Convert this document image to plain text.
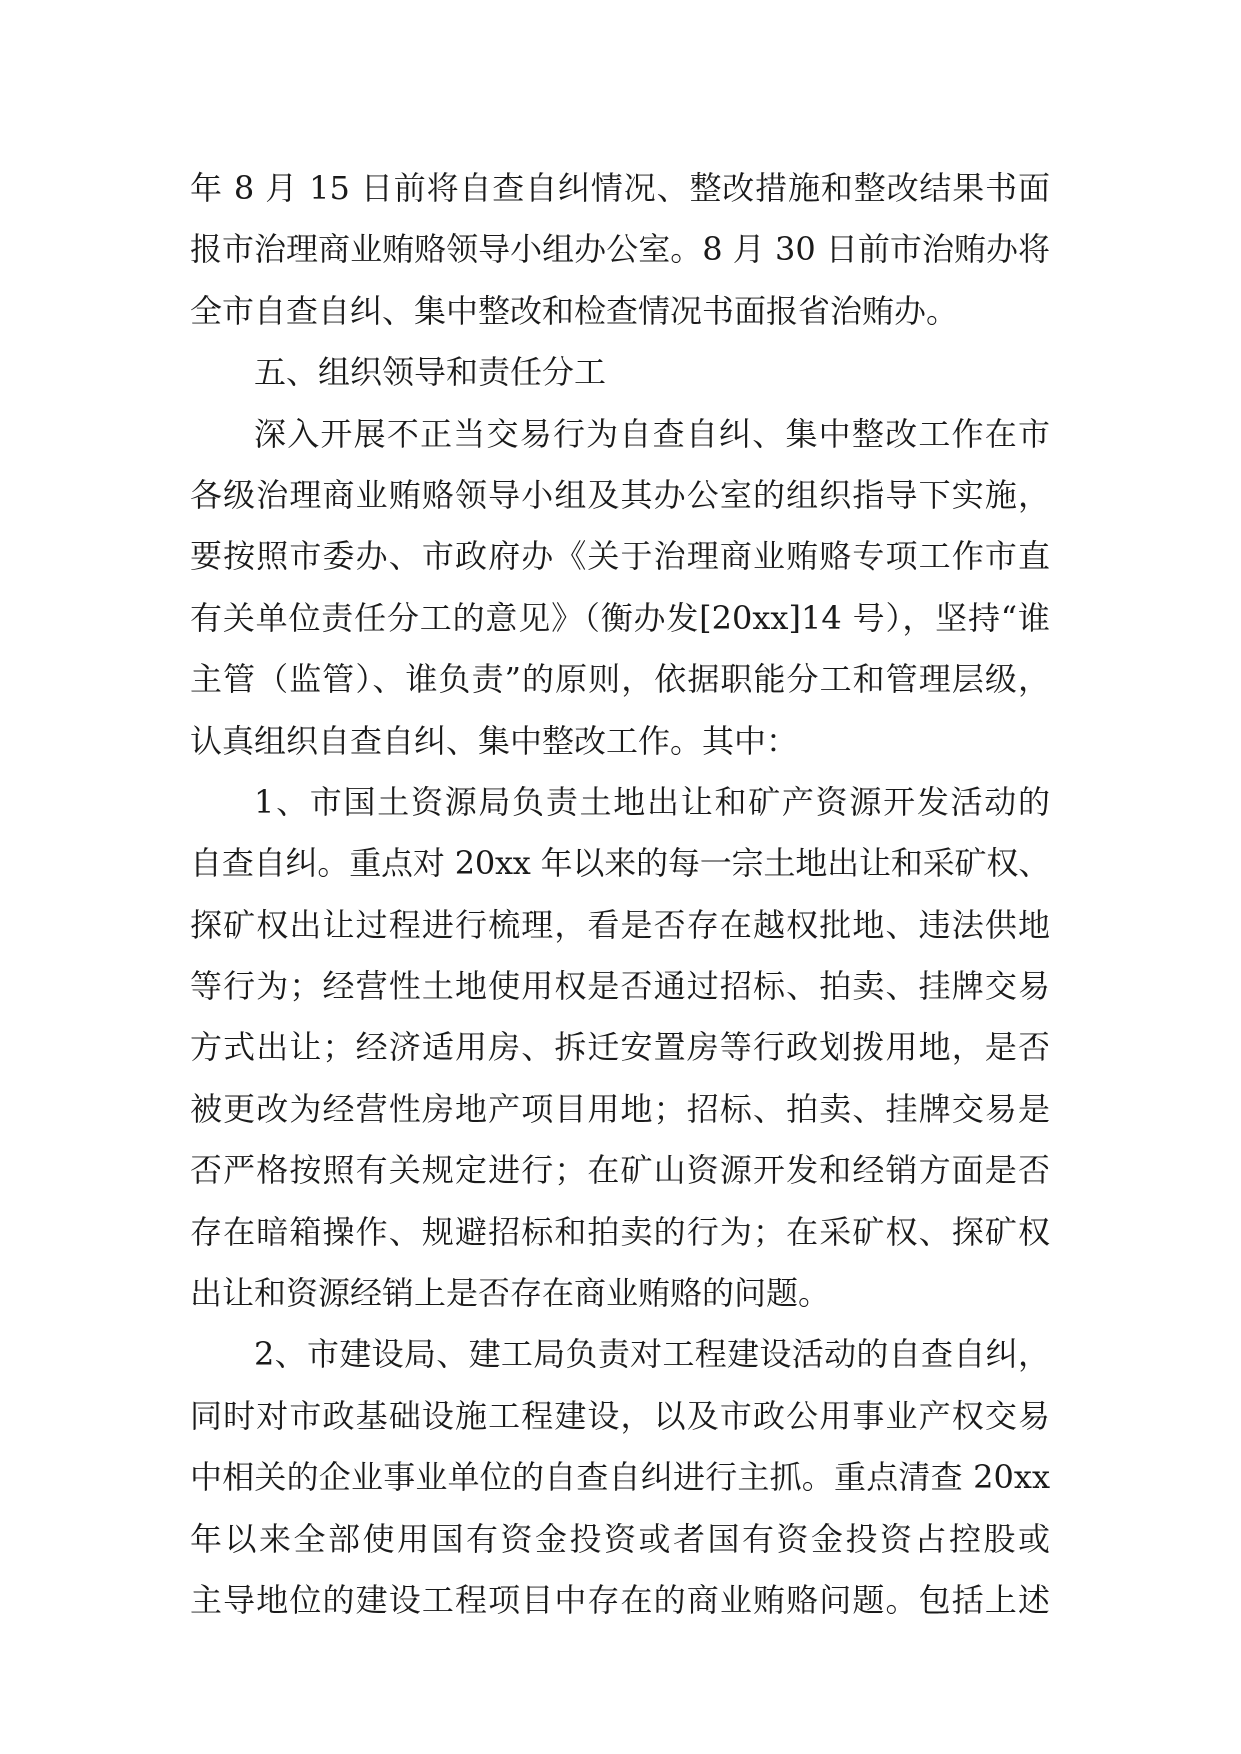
年 8 月 15 日前将自查自纠情况、整改措施和整改结果书面
报市治理商业贿赂领导小组办公室。8 月 30 日前市治贿办将
全市自查自纠、集中整改和检查情况书面报省治贿办。
五、组织领导和责任分工
深入开展不正当交易行为自查自纠、集中整改工作在市
各级治理商业贿赂领导小组及其办公室的组织指导下实施，
要按照市委办、市政府办《关于治理商业贿赂专项工作市直
有关单位责任分工的意见》（衡办发[20xx]14 号），坚持“谁
主管（监管）、谁负责”的原则，依据职能分工和管理层级，
认真组织自查自纠、集中整改工作。其中：
1、市国土资源局负责土地出让和矿产资源开发活动的
自查自纠。重点对 20xx 年以来的每一宗土地出让和采矿权、
探矿权出让过程进行梳理，看是否存在越权批地、违法供地
等行为；经营性土地使用权是否通过招标、拍卖、挂牌交易
方式出让；经济适用房、拆迁安置房等行政划拨用地，是否
被更改为经营性房地产项目用地；招标、拍卖、挂牌交易是
否严格按照有关规定进行；在矿山资源开发和经销方面是否
存在暗箱操作、规避招标和拍卖的行为；在采矿权、探矿权
出让和资源经销上是否存在商业贿赂的问题。
2、市建设局、建工局负责对工程建设活动的自查自纠，
同时对市政基础设施工程建设，以及市政公用事业产权交易
中相关的企业事业单位的自查自纠进行主抓。重点清查 20xx
年以来全部使用国有资金投资或者国有资金投资占控股或
主导地位的建设工程项目中存在的商业贿赂问题。包括上述
